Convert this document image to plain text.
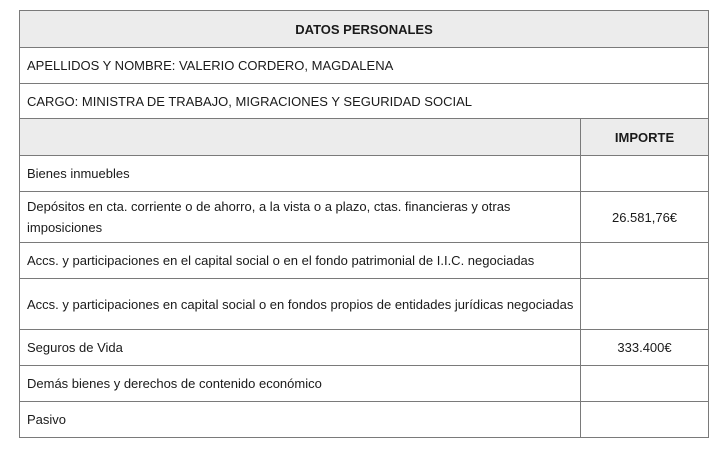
DATOS PERSONALES	
APELLIDOS Y NOMBRE: VALERIO CORDERO, MAGDALENA	
CARGO: MINISTRA DE TRABAJO, MIGRACIONES Y SEGURIDAD SOCIAL	
	IMPORTE
Bienes inmuebles	
Depósitos en cta. corriente o de ahorro, a la vista o a plazo, ctas. financieras y otras imposiciones	26.581,76€
Accs. y participaciones en el capital social o en el fondo patrimonial de I.I.C. negociadas	
Accs. y participaciones en capital social o en fondos propios de entidades jurídicas negociadas	
Seguros de Vida	333.400€
Demás bienes y derechos de contenido económico	
Pasivo	
